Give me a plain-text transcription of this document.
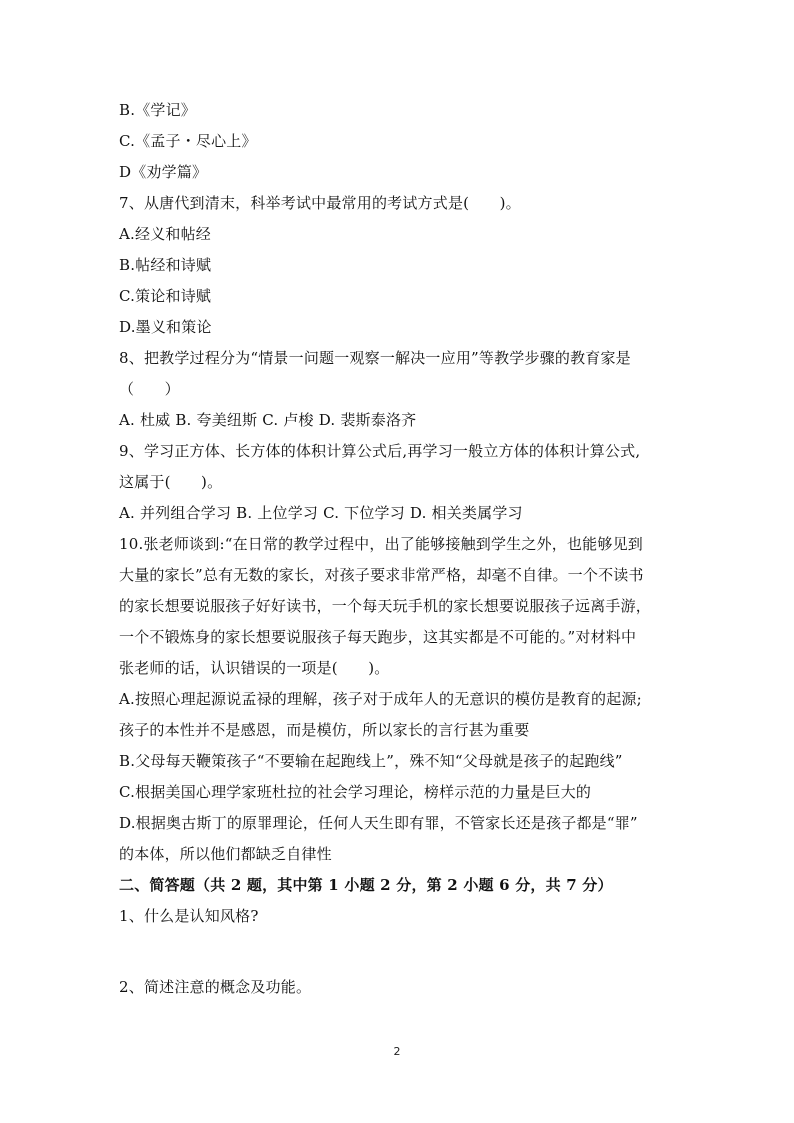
B.《学记》
C.《孟子・尽心上》
D《劝学篇》
7、从唐代到清末，科举考试中最常用的考试方式是(　　)。
A.经义和帖经
B.帖经和诗赋
C.策论和诗赋
D.墨义和策论
8、把教学过程分为“情景一问题一观察一解决一应用”等教学步骤的教育家是
（　　）
A. 杜威 B. 夸美纽斯 C. 卢梭 D. 裴斯泰洛齐
9、学习正方体、长方体的体积计算公式后,再学习一般立方体的体积计算公式,
这属于(　　)。
A. 并列组合学习 B. 上位学习 C. 下位学习 D. 相关类属学习
10.张老师谈到:“在日常的教学过程中，出了能够接触到学生之外，也能够见到
大量的家长”总有无数的家长，对孩子要求非常严格，却毫不自律。一个不读书
的家长想要说服孩子好好读书，一个每天玩手机的家长想要说服孩子远离手游，
一个不锻炼身的家长想要说服孩子每天跑步，这其实都是不可能的。”对材料中
张老师的话，认识错误的一项是(　　)。
A.按照心理起源说孟禄的理解，孩子对于成年人的无意识的模仿是教育的起源;
孩子的本性并不是感恩，而是模仿，所以家长的言行甚为重要
B.父母每天鞭策孩子“不要输在起跑线上”，殊不知“父母就是孩子的起跑线”
C.根据美国心理学家班杜拉的社会学习理论，榜样示范的力量是巨大的
D.根据奥古斯丁的原罪理论，任何人天生即有罪，不管家长还是孩子都是“罪”
的本体，所以他们都缺乏自律性
二、简答题（共 2 题，其中第 1 小题 2 分，第 2 小题 6 分，共 7 分）
1、什么是认知风格?
2、简述注意的概念及功能。
2
